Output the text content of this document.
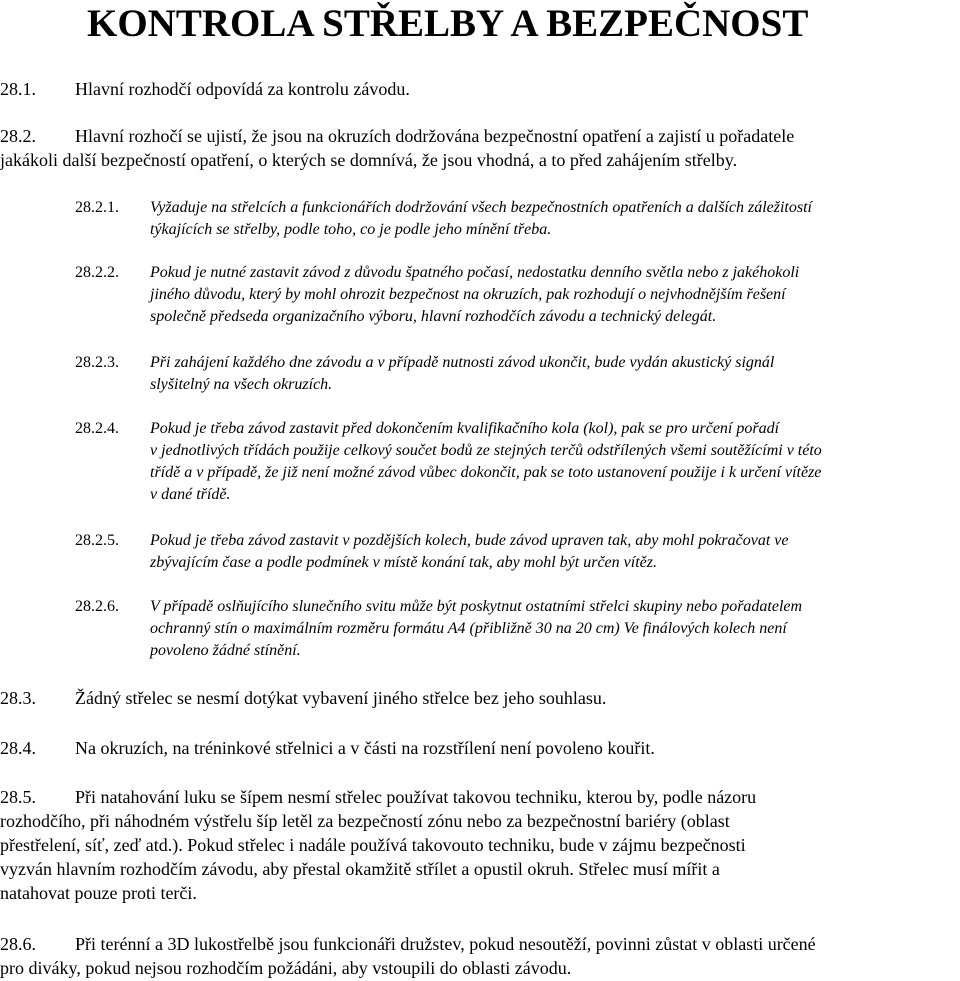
KONTROLA STŘELBY A BEZPEČNOST
28.1. Hlavní rozhodčí odpovídá za kontrolu závodu.
28.2. Hlavní rozhočí se ujistí, že jsou na okruzích dodržována bezpečnostní opatření a zajistí u pořadatele
jakákoli další bezpečností opatření, o kterých se domnívá, že jsou vhodná, a to před zahájením střelby.
28.2.1. Vyžaduje na střelcích a funkcionářích dodržování všech bezpečnostních opatřeních a dalších záležitostí
týkajících se střelby, podle toho, co je podle jeho mínění třeba.
28.2.2. Pokud je nutné zastavit závod z důvodu špatného počasí, nedostatku denního světla nebo z jakéhokoli
jiného důvodu, který by mohl ohrozit bezpečnost na okruzích, pak rozhodují o nejvhodnějším řešení
společně předseda organizačního výboru, hlavní rozhodčích závodu a technický delegát.
28.2.3. Při zahájení každého dne závodu a v případě nutnosti závod ukončit, bude vydán akustický signál
slyšitelný na všech okruzích.
28.2.4. Pokud je třeba závod zastavit před dokončením kvalifikačního kola (kol), pak se pro určení pořadí
v jednotlivých třídách použije celkový součet bodů ze stejných terčů odstřílených všemi soutěžícími v této
třídě a v případě, že již není možné závod vůbec dokončit, pak se toto ustanovení použije i k určení vítěze
v dané třídě.
28.2.5. Pokud je třeba závod zastavit v pozdějších kolech, bude závod upraven tak, aby mohl pokračovat ve
zbývajícím čase a podle podmínek v místě konání tak, aby mohl být určen vítěz.
28.2.6. V případě oslňujícího slunečního svitu může být poskytnut ostatními střelci skupiny nebo pořadatelem
ochranný stín o maximálním rozměru formátu A4 (přibližně 30 na 20 cm) Ve finálových kolech není
povoleno žádné stínění.
28.3. Žádný střelec se nesmí dotýkat vybavení jiného střelce bez jeho souhlasu.
28.4. Na okruzích, na tréninkové střelnici a v části na rozstřílení není povoleno kouřit.
28.5. Při natahování luku se šípem nesmí střelec používat takovou techniku, kterou by, podle názoru
rozhodčího, při náhodném výstřelu šíp letěl za bezpečností zónu nebo za bezpečnostní bariéry (oblast
přestřelení, síť, zeď atd.). Pokud střelec i nadále používá takovouto techniku, bude v zájmu bezpečnosti
vyzván hlavním rozhodčím závodu, aby přestal okamžitě střílet a opustil okruh. Střelec musí mířit a
natahovat pouze proti terči.
28.6. Při terénní a 3D lukostřelbě jsou funkcionáři družstev, pokud nesoutěží, povinni zůstat v oblasti určené
pro diváky, pokud nejsou rozhodčím požádáni, aby vstoupili do oblasti závodu.
